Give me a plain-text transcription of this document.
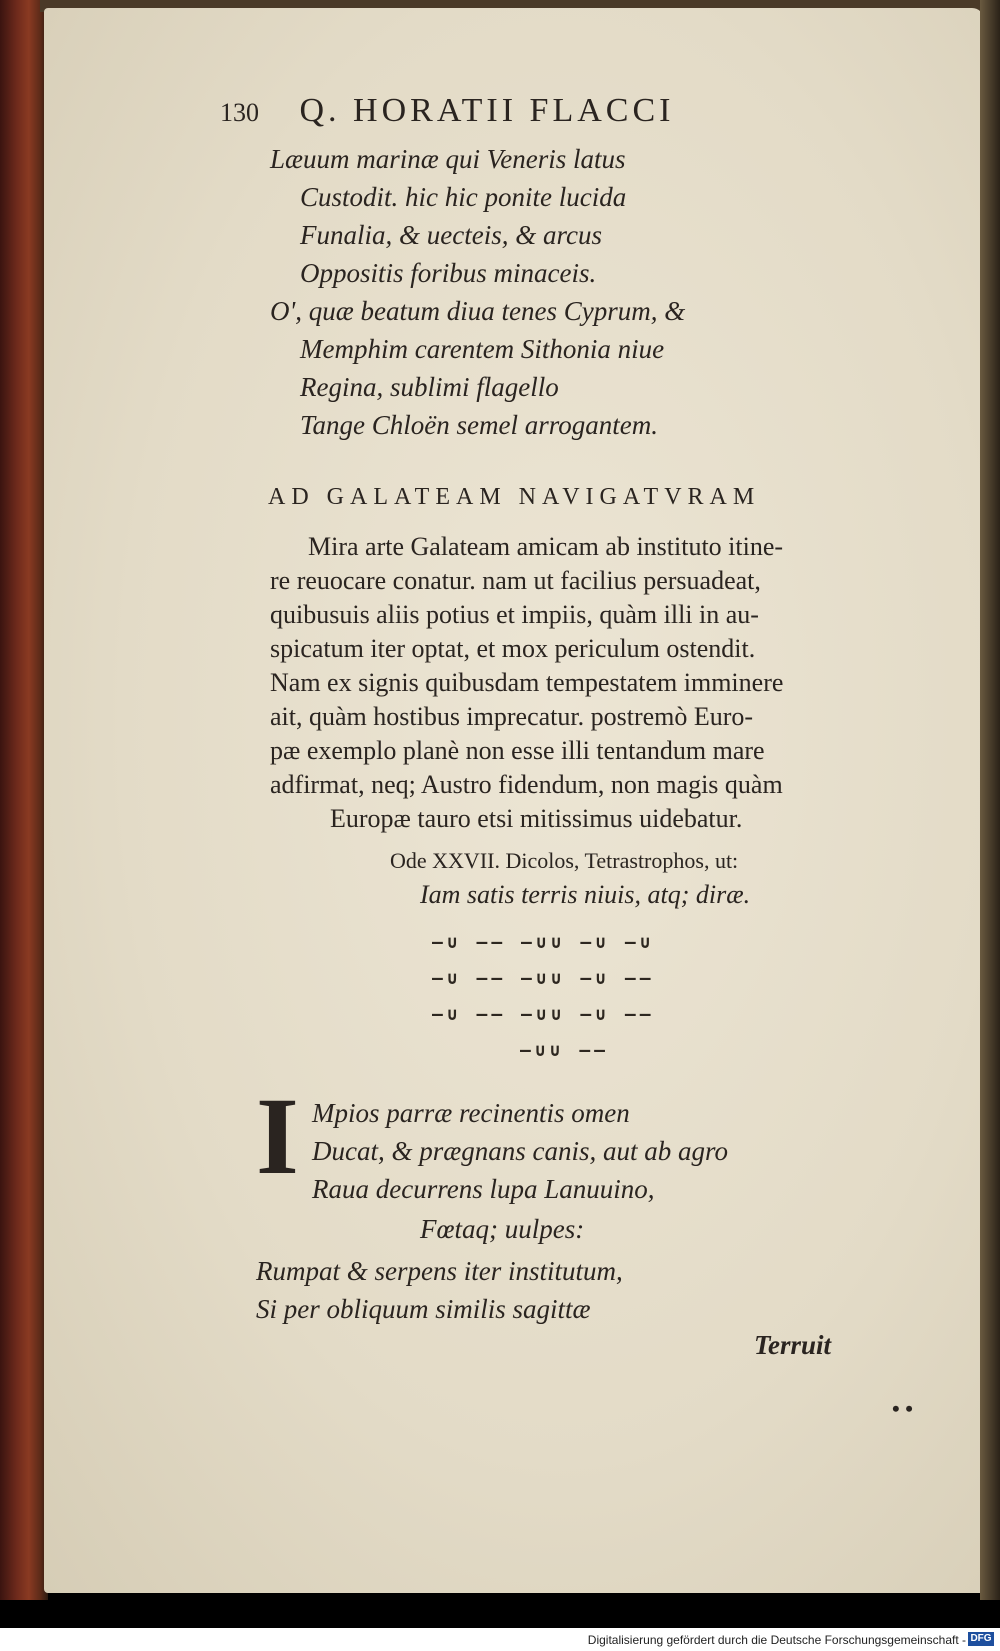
130 Q. HORATII FLACCI
Læuum marinæ qui Veneris latus
Custodit. hic hic ponite lucida
Funalia, & uecteis, & arcus
Oppositis foribus minaceis.
O', quæ beatum diua tenes Cyprum, &
Memphim carentem Sithonia niue
Regina, sublimi flagello
Tange Chloën semel arrogantem.
AD GALATEAM NAVIGATVRAM
Mira arte Galateam amicam ab instituto itine-
re reuocare conatur. nam ut facilius persuadeat,
quibusuis aliis potius et impiis, quàm illi in au-
spicatum iter optat, et mox periculum ostendit.
Nam ex signis quibusdam tempestatem imminere
ait, quàm hostibus imprecatur. postremò Euro-
pæ exemplo planè non esse illi tentandum mare
adfirmat, neq; Austro fidendum, non magis quàm
Europæ tauro etsi mitissimus uidebatur.
Ode XXVII. Dicolos, Tetrastrophos, ut:
Iam satis terris niuis, atq; diræ.
–∪ –– –∪∪ –∪ –∪
–∪ –– –∪∪ –∪ ––
–∪ –– –∪∪ –∪ ––
–∪∪ ––
I Mpios parræ recinentis omen
Ducat, & prægnans canis, aut ab agro
Raua decurrens lupa Lanuuino,
Fœtaq; uulpes:
Rumpat & serpens iter institutum,
Si per obliquum similis sagittæ
Terruit
• •
Digitalisierung gefördert durch die Deutsche Forschungsgemeinschaft - DFG
